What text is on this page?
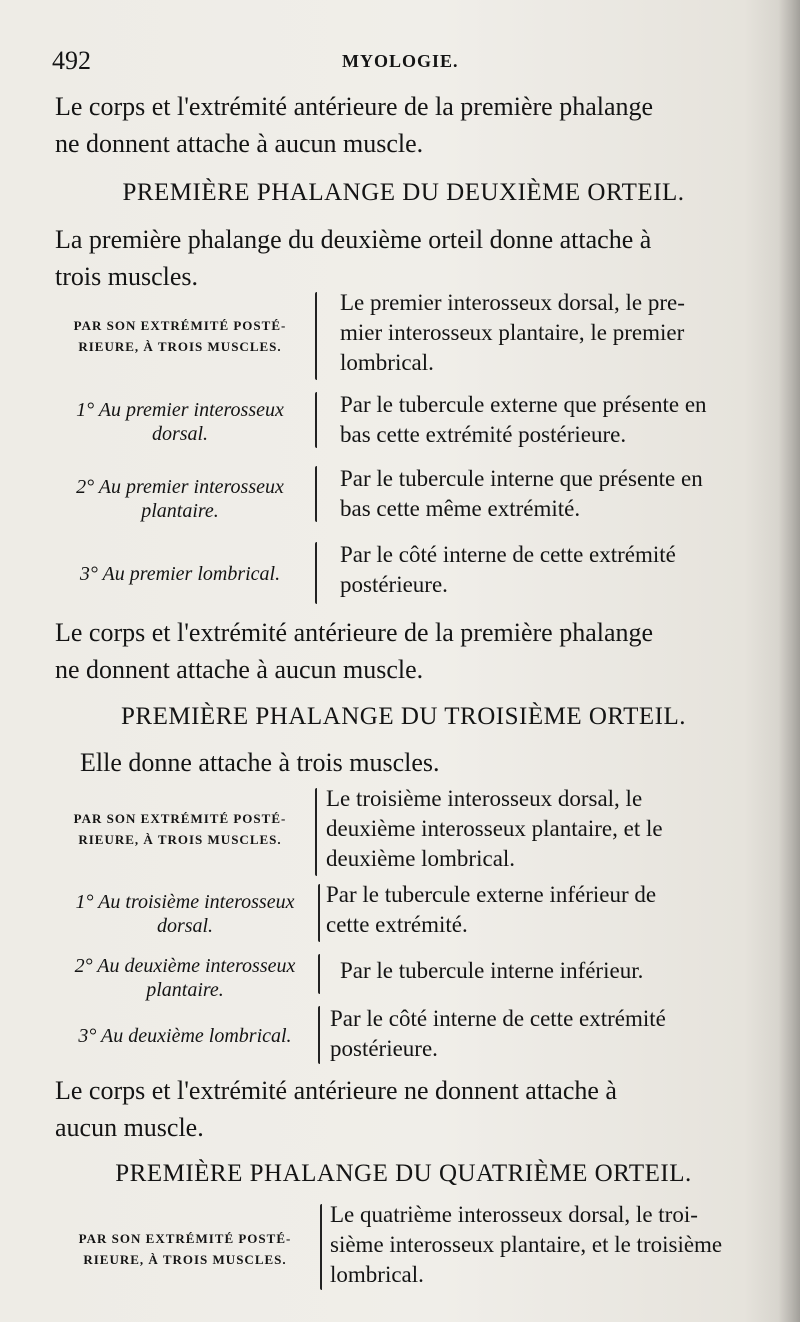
492	MYOLOGIE.
Le corps et l'extrémité antérieure de la première phalange
ne donnent attache à aucun muscle.
PREMIÈRE PHALANGE DU DEUXIÈME ORTEIL.
La première phalange du deuxième orteil donne attache à
trois muscles.
PAR SON EXTRÉMITÉ POSTÉ-
RIEURE, À TROIS MUSCLES.
Le premier interosseux dorsal, le pre-
mier interosseux plantaire, le premier
lombrical.
1° Au premier interosseux
dorsal.
Par le tubercule externe que présente en
bas cette extrémité postérieure.
2° Au premier interosseux
plantaire.
Par le tubercule interne que présente en
bas cette même extrémité.
3° Au premier lombrical.
Par le côté interne de cette extrémité
postérieure.
Le corps et l'extrémité antérieure de la première phalange
ne donnent attache à aucun muscle.
PREMIÈRE PHALANGE DU TROISIÈME ORTEIL.
Elle donne attache à trois muscles.
PAR SON EXTRÉMITÉ POSTÉ-
RIEURE, À TROIS MUSCLES.
Le troisième interosseux dorsal, le
deuxième interosseux plantaire, et le
deuxième lombrical.
1° Au troisième interosseux
dorsal.
Par le tubercule externe inférieur de
cette extrémité.
2° Au deuxième interosseux
plantaire.
Par le tubercule interne inférieur.
3° Au deuxième lombrical.
Par le côté interne de cette extrémité
postérieure.
Le corps et l'extrémité antérieure ne donnent attache à
aucun muscle.
PREMIÈRE PHALANGE DU QUATRIÈME ORTEIL.
PAR SON EXTRÉMITÉ POSTÉ-
RIEURE, À TROIS MUSCLES.
Le quatrième interosseux dorsal, le troi-
sième interosseux plantaire, et le troisième
lombrical.
